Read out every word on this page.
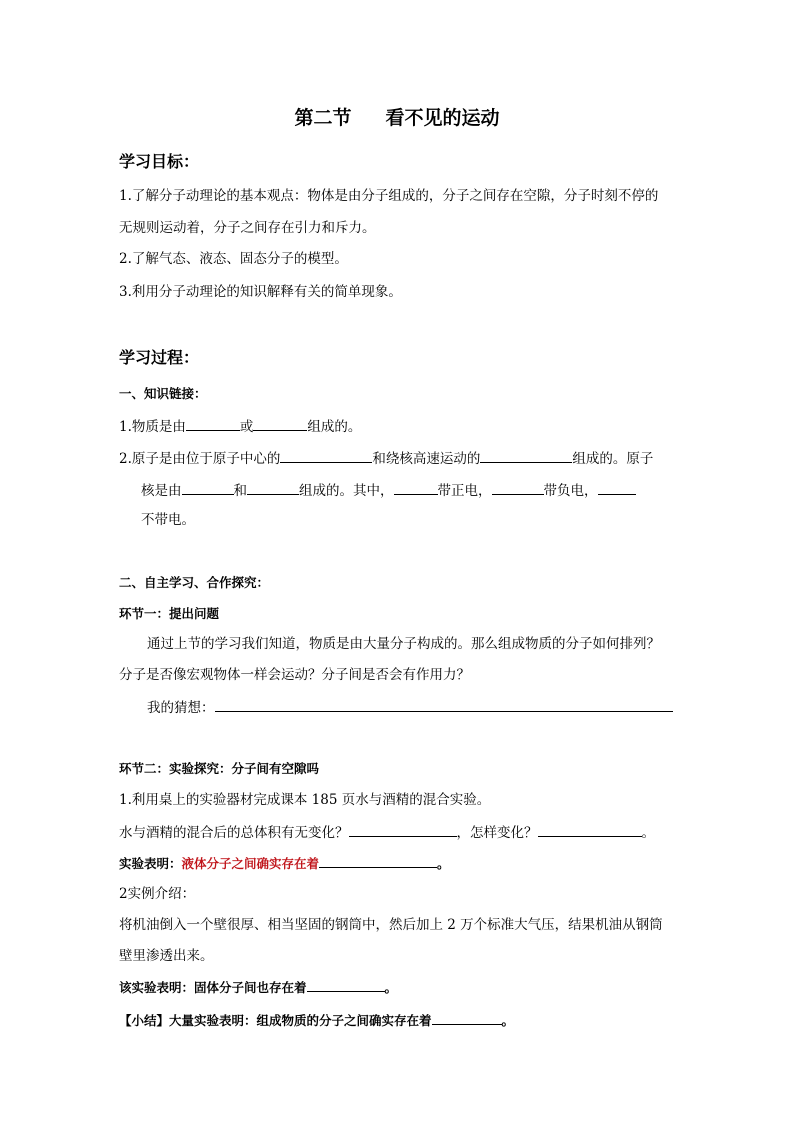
第二节 看不见的运动
学习目标：
1.了解分子动理论的基本观点：物体是由分子组成的，分子之间存在空隙，分子时刻不停的
无规则运动着，分子之间存在引力和斥力。
2.了解气态、液态、固态分子的模型。
3.利用分子动理论的知识解释有关的简单现象。
学习过程：
一、知识链接：
1.物质是由	或	组成的。
2.原子是由位于原子中心的	和绕核高速运动的	组成的。原子
核是由	和	组成的。其中，	带正电，	带负电，
不带电。
二、自主学习、合作探究：
环节一：提出问题
通过上节的学习我们知道，物质是由大量分子构成的。那么组成物质的分子如何排列？
分子是否像宏观物体一样会运动？分子间是否会有作用力？
我的猜想：
环节二：实验探究：分子间有空隙吗
1.利用桌上的实验器材完成课本 185 页水与酒精的混合实验。
水与酒精的混合后的总体积有无变化？	，怎样变化？	。
实验表明：液体分子之间确实存在着	。
2实例介绍：
将机油倒入一个壁很厚、相当坚固的钢筒中，然后加上 2 万个标准大气压，结果机油从钢筒
壁里渗透出来。
该实验表明：固体分子间也存在着	。
【小结】大量实验表明：组成物质的分子之间确实存在着	。
